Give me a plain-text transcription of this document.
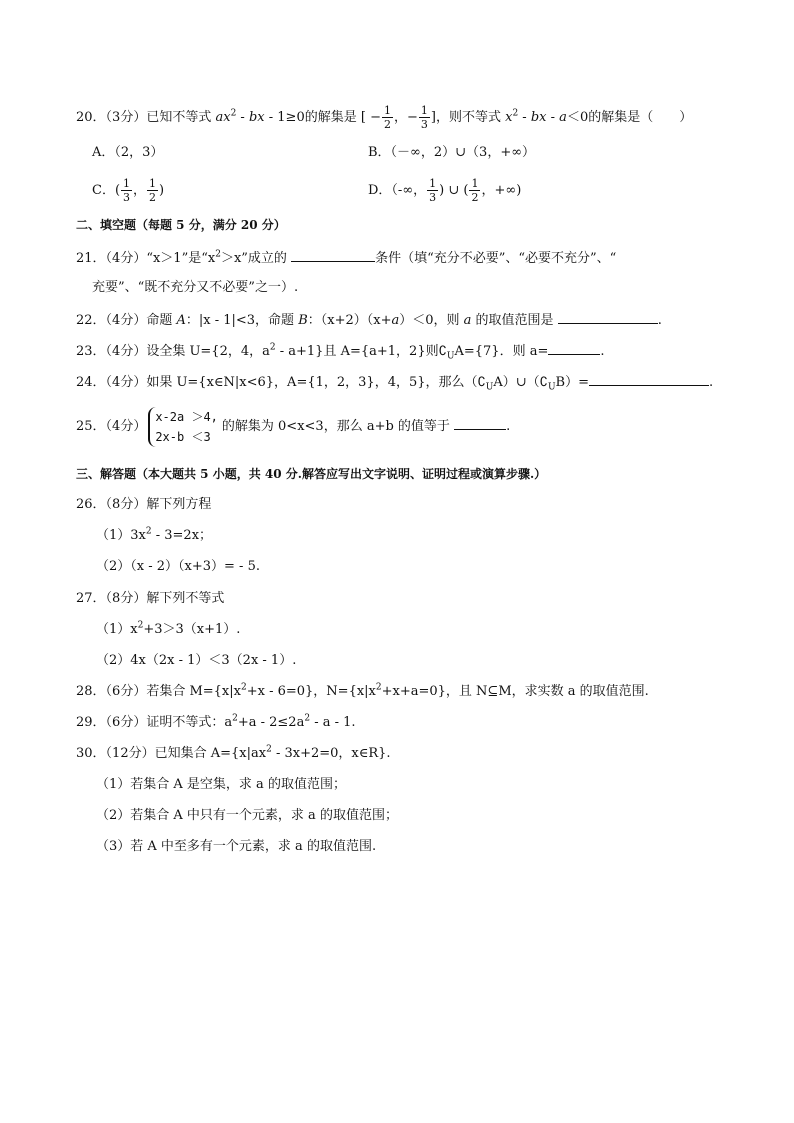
20．（3分）已知不等式 $ax^2$ - bx - 1≥0的解集是 [ − $\frac{1}{2}$ ，− $\frac{1}{3}$ ]，则不等式 $x^2$ - bx - a＜0的解集是（　　）
A．（2，3）	B．（－∞，2）∪（3，+∞）
C．( $\frac{1}{3}$ ， $\frac{1}{2}$ )	D．（-∞， $\frac{1}{3}$ ) ∪ ( $\frac{1}{2}$ ，+∞)
二、填空题（每题 5 分，满分 20 分）
21．（4分）“x＞1”是“$x^2>x$”成立的	条件（填“充分不必要”、“必要不充分”、“
充要”、“既不充分又不必要”之一）.
22．（4分）命题 A：|x - 1|<3，命题 B：（x+2）（x+a）＜0，则 a 的取值范围是	.
23．（4分）设全集 U={2，4，$a^2 - a+1$}且 A={a+1，2}则$∁_UA=\{7\}$．则 a=	.
24．（4分）如果 U={x∈N|x<6}，A={1，2，3}，4，5}，那么$(∁_UA)\cup(∁_UB)=$	.
25．（4分）
x-2a ＞4,
2x-b ＜3
的解集为 0<x<3，那么 a+b 的值等于	.
三、解答题（本大题共 5 小题，共 40 分.解答应写出文字说明、证明过程或演算步骤.）
26．（8分）解下列方程
$(1)3x^2 - 3=2x$；
（2）（x - 2）（x+3）= - 5.
27．（8分）解下列不等式
$(1)x^2+3>3(x+1)$.
（2）4x（2x - 1）＜3（2x - 1）.
28．（6分）若集合 $M=\{x|x^2+x - 6=0\}$，$N=\{x|x^2+x+a=0\}$，且 N⊆M，求实数 a 的取值范围.
29．（6分）证明不等式：$a^2+a - 2\le 2a^2 - a - 1$.
30．（12分）已知集合 $A=\{x|ax^2 - 3x+2=0$，x∈R}.
（1）若集合 A 是空集，求 a 的取值范围；
（2）若集合 A 中只有一个元素，求 a 的取值范围；
（3）若 A 中至多有一个元素，求 a 的取值范围.
